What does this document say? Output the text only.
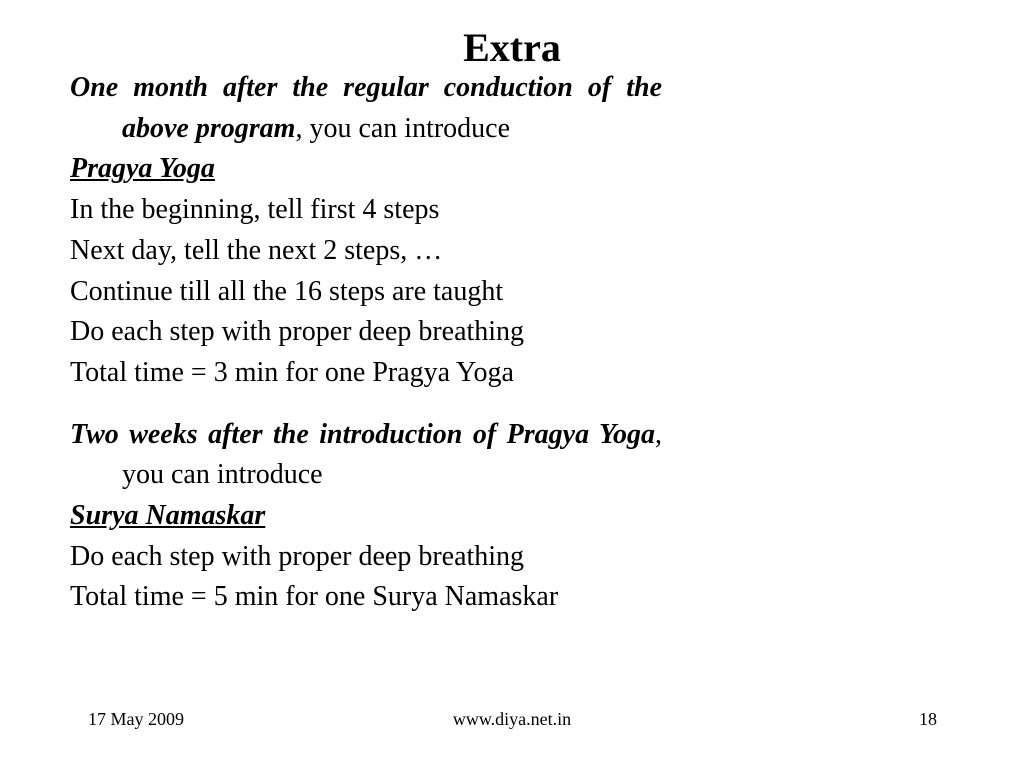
Extra

One month after the regular conduction of the above program, you can introduce

Pragya Yoga

In the beginning, tell first 4 steps

Next day, tell the next 2 steps, …

Continue till all the 16 steps are taught

Do each step with proper deep breathing

Total time = 3 min for one Pragya Yoga

Two weeks after the introduction of Pragya Yoga, you can introduce

Surya Namaskar

Do each step with proper deep breathing

Total time = 5 min for one Surya Namaskar

17 May 2009	www.diya.net.in	18
